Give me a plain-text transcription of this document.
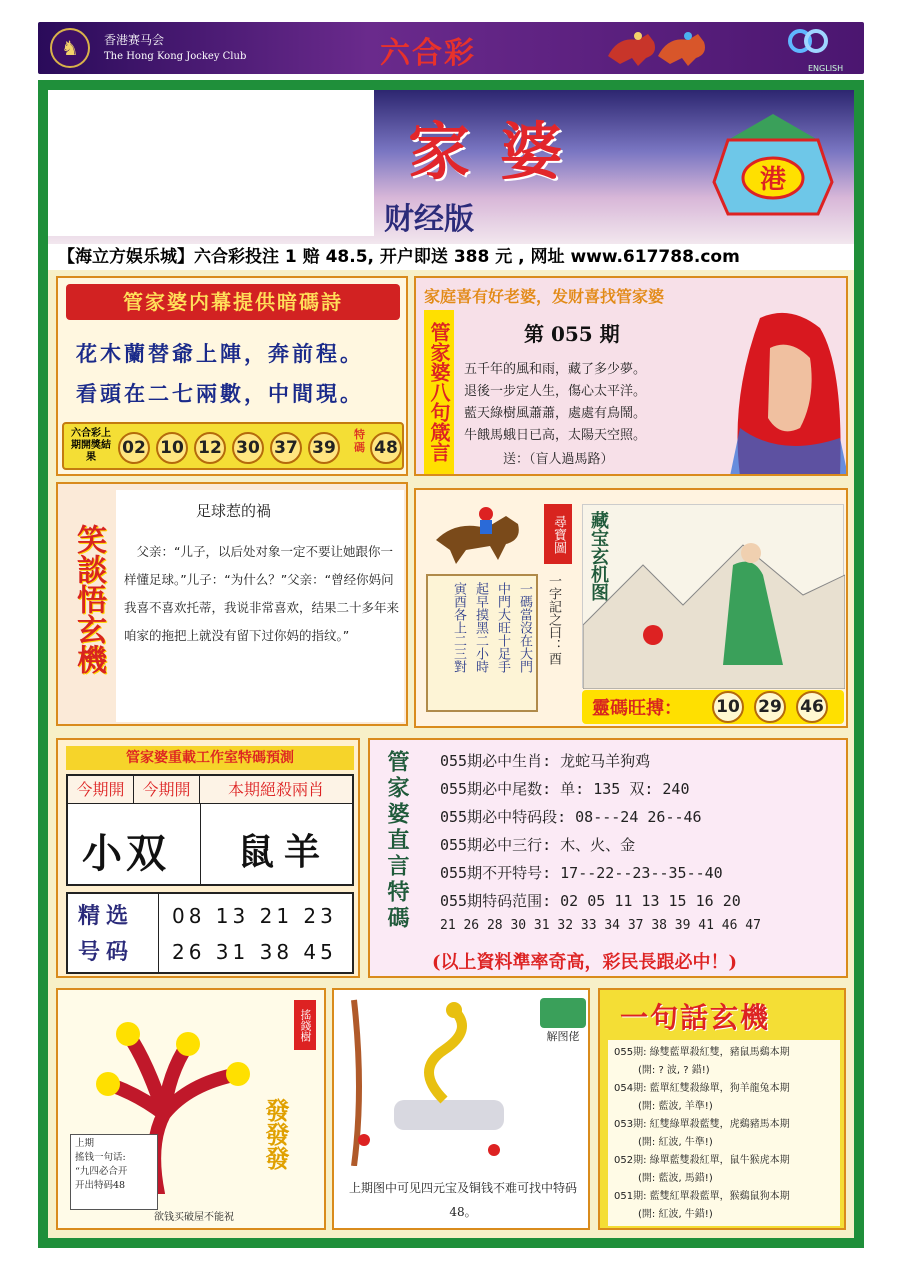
♞	香港赛马会
The Hong Kong Jockey Club	六合彩	ENGLISH
家婆
财经版
港
【海立方娱乐城】六合彩投注 1 赔 48.5, 开户即送 388 元 , 网址 www.617788.com
管家婆内幕提供暗碼詩
花木蘭替爺上陣，奔前程。
看頭在二七兩數，中間現。
六合彩上期開獎結果	02 10 12 30 37 39
特碼 48
家庭喜有好老婆，发财喜找管家婆
管家婆八句箴言	第 055 期
五千年的風和雨，藏了多少夢。
退後一步定人生，傷心太平洋。
藍天綠樹風蕭蕭，處處有鳥鬧。
牛餓馬蛾日已高，太陽天空照。
　　　送：（盲人過馬路）
笑談悟玄機
足球惹的禍
　父亲：“儿子，以后处对象一定不要让她跟你一样懂足球。”儿子：“为什么？”父亲：“曾经你妈问我喜不喜欢托蒂，我说非常喜欢，结果二十多年来咱家的拖把上就没有留下过你妈的指纹。”	一碼當沒在大門
中門大旺十足手
起早摸黑二小時
寅酉各上二三對
尋寶圖
一字記之曰：酉
藏宝玄机图
靈碼旺搏： 10 29 46
管家婆重載工作室特碼預測
今期開	今期開	本期絕殺兩肖
小双 鼠羊
精选号码
08 13 21 23
26 31 38 45
管家婆直言特碼 055期必中生肖: 龙蛇马羊狗鸡
055期必中尾数: 单: 135 双: 240
055期必中特码段: 08---24 26--46
055期必中三行: 木、火、金
055期不开特号: 17--22--23--35--40
055期特码范围: 02 05 11 13 15 16 20
21 26 28 30 31 32 33 34 37 38 39 41 46 47
(以上資料準率奇高，彩民長跟必中！)
搖錢樹
發發發
上期
搖钱一句话:
“九四必合开
开出特码48
欲钱买破屋不能祝
解图佬
上期图中可见四元宝及铜钱不难可找中特码48。
一句話玄機
055期: 綠雙藍單殺紅雙，豬鼠馬鷄本期
(開: ? 波, ? 錯!)
054期: 藍單紅雙殺綠單，狗羊龍兔本期
(開: 藍波, 羊準!)
053期: 紅雙綠單殺藍雙，虎鷄豬馬本期
(開: 紅波, 牛準!)
052期: 綠單藍雙殺紅單，鼠牛猴虎本期
(開: 藍波, 馬錯!)
051期: 藍雙紅單殺藍單，猴鷄鼠狗本期
(開: 紅波, 牛錯!)
